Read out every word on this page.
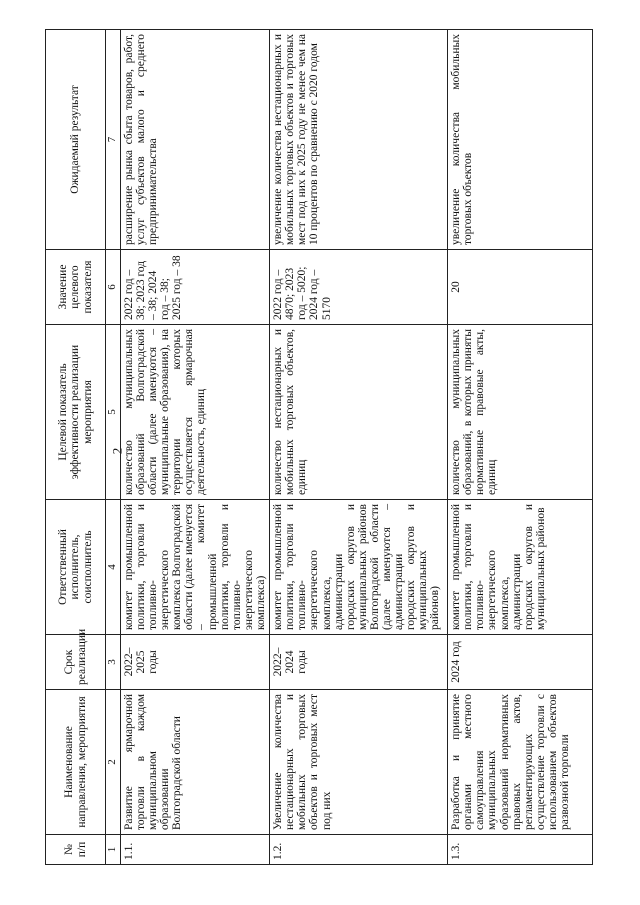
2
№ п/п	Наименование направления, мероприятия	Срок реализации	Ответственный исполнитель, соисполнитель	Целевой показатель эффективности реализации мероприятия	Значение целевого показателя	Ожидаемый результат
1	2	3	4	5	6	7
1.1.	Развитие ярмарочной торговли в каждом муниципальном образовании Волгоградской области	2022–2025 годы	комитет промышленной политики, торговли и топливно-энергетического комплекса Волгоградской области (далее именуется – комитет промышленной политики, торговли и топливно-энергетического комплекса)	количество муниципальных образований Волгоградской области (далее именуются – муниципальные образования), на территории которых осуществляется ярмарочная деятельность, единиц	2022 год – 38; 2023 год – 38; 2024 год – 38; 2025 год – 38	расширение рынка сбыта товаров, работ, услуг субъектов малого и среднего предпринимательства
1.2.	Увеличение количества нестационарных и мобильных торговых объектов и торговых мест под них	2022–2024 годы	комитет промышленной политики, торговли и топливно-энергетического комплекса, администрации городских округов и муниципальных районов Волгоградской области (далее именуются – администрации городских округов и муниципальных районов)	количество нестационарных и мобильных торговых объектов, единиц	2022 год – 4870; 2023 год – 5020; 2024 год – 5170	увеличение количества нестационарных и мобильных торговых объектов и торговых мест под них к 2025 году не менее чем на 10 процентов по сравнению с 2020 годом
1.3.	Разработка и принятие органами местного самоуправления муниципальных образований нормативных правовых актов, регламентирующих осуществление торговли с использованием объектов развозной торговли	2024 год	комитет промышленной политики, торговли и топливно-энергетического комплекса, администрации городских округов и муниципальных районов	количество муниципальных образований, в которых приняты нормативные правовые акты, единиц	20	увеличение количества мобильных торговых объектов
